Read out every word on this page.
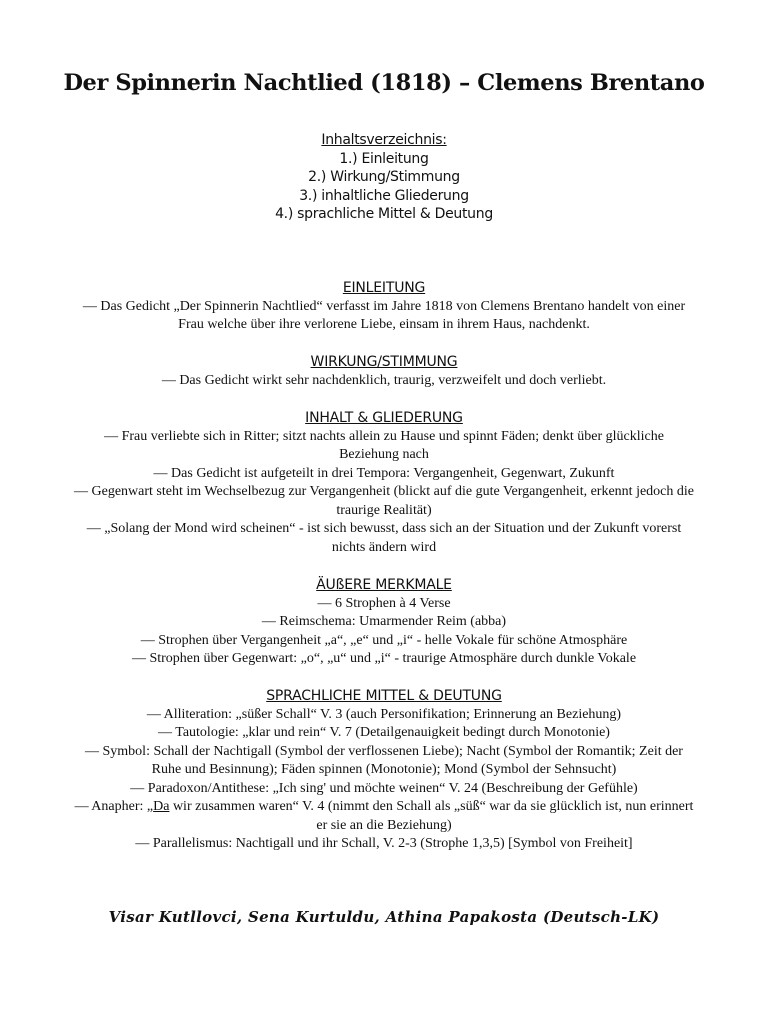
Der Spinnerin Nachtlied (1818) – Clemens Brentano
Inhaltsverzeichnis:
1.) Einleitung
2.) Wirkung/Stimmung
3.) inhaltliche Gliederung
4.) sprachliche Mittel & Deutung
EINLEITUNG

— Das Gedicht „Der Spinnerin Nachtlied“ verfasst im Jahre 1818 von Clemens Brentano handelt von einer Frau welche über ihre verlorene Liebe, einsam in ihrem Haus, nachdenkt.

WIRKUNG/STIMMUNG

— Das Gedicht wirkt sehr nachdenklich, traurig, verzweifelt und doch verliebt.

INHALT & GLIEDERUNG

— Frau verliebte sich in Ritter; sitzt nachts allein zu Hause und spinnt Fäden; denkt über glückliche Beziehung nach

— Das Gedicht ist aufgeteilt in drei Tempora: Vergangenheit, Gegenwart, Zukunft

— Gegenwart steht im Wechselbezug zur Vergangenheit (blickt auf die gute Vergangenheit, erkennt jedoch die traurige Realität)

— „Solang der Mond wird scheinen“ - ist sich bewusst, dass sich an der Situation und der Zukunft vorerst nichts ändern wird

ÄUßERE MERKMALE

— 6 Strophen à 4 Verse

— Reimschema: Umarmender Reim (abba)

— Strophen über Vergangenheit „a“, „e“ und „i“ - helle Vokale für schöne Atmosphäre

— Strophen über Gegenwart: „o“, „u“ und „i“ - traurige Atmosphäre durch dunkle Vokale

SPRACHLICHE MITTEL & DEUTUNG

— Alliteration: „süßer Schall“ V. 3 (auch Personifikation; Erinnerung an Beziehung)

— Tautologie: „klar und rein“ V. 7 (Detailgenauigkeit bedingt durch Monotonie)

— Symbol: Schall der Nachtigall (Symbol der verflossenen Liebe); Nacht (Symbol der Romantik; Zeit der Ruhe und Besinnung); Fäden spinnen (Monotonie); Mond (Symbol der Sehnsucht)

— Paradoxon/Antithese: „Ich sing' und möchte weinen“ V. 24 (Beschreibung der Gefühle)

— Anapher: „Da wir zusammen waren“ V. 4 (nimmt den Schall als „süß“ war da sie glücklich ist, nun erinnert er sie an die Beziehung)

— Parallelismus: Nachtigall und ihr Schall, V. 2-3 (Strophe 1,3,5) [Symbol von Freiheit]

Visar Kutllovci, Sena Kurtuldu, Athina Papakosta (Deutsch-LK)
